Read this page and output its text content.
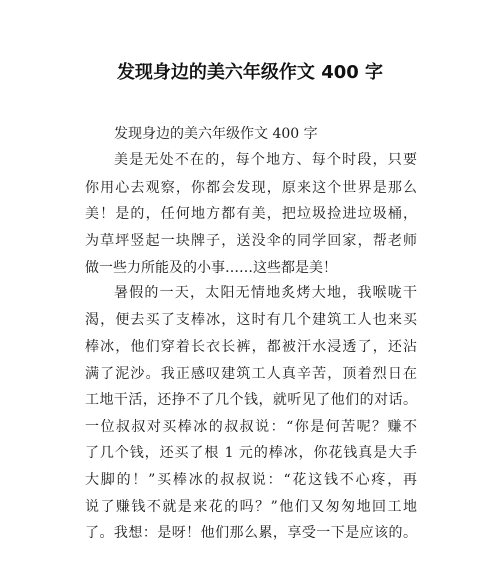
发现身边的美六年级作文 400 字
发现身边的美六年级作文 400 字
美是无处不在的，每个地方、每个时段，只要
你用心去观察，你都会发现，原来这个世界是那么
美！是的，任何地方都有美，把垃圾捡进垃圾桶，
为草坪竖起一块牌子，送没伞的同学回家，帮老师
做一些力所能及的小事……这些都是美！
暑假的一天，太阳无情地炙烤大地，我喉咙干
渴，便去买了支棒冰，这时有几个建筑工人也来买
棒冰，他们穿着长衣长裤，都被汗水浸透了，还沾
满了泥沙。我正感叹建筑工人真辛苦，顶着烈日在
工地干活，还挣不了几个钱，就听见了他们的对话。
一位叔叔对买棒冰的叔叔说：“你是何苦呢？赚不
了几个钱，还买了根 1 元的棒冰，你花钱真是大手
大脚的！”买棒冰的叔叔说：“花这钱不心疼，再
说了赚钱不就是来花的吗？”他们又匆匆地回工地
了。我想：是呀！他们那么累，享受一下是应该的。
